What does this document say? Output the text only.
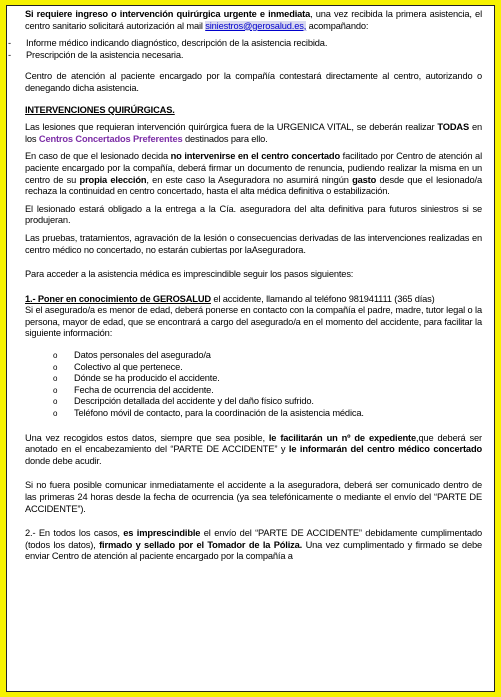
Si requiere ingreso o intervención quirúrgica urgente e inmediata, una vez recibida la primera asistencia, el centro sanitario solicitará autorización al mail siniestros@gerosalud.es, acompañando:

-	Informe médico indicando diagnóstico, descripción de la asistencia recibida.
-	Prescripción de la asistencia necesaria.

Centro de atención al paciente encargado por la compañía contestará directamente al centro, autorizando o denegando dicha asistencia.

INTERVENCIONES QUIRÚRGICAS.

Las lesiones que requieran intervención quirúrgica fuera de la URGENICA VITAL, se deberán realizar TODAS en los Centros Concertados Preferentes destinados para ello.

En caso de que el lesionado decida no intervenirse en el centro concertado facilitado por Centro de atención al paciente encargado por la compañía, deberá firmar un documento de renuncia, pudiendo realizar la misma en un centro de su propia elección, en este caso la Aseguradora no asumirá ningún gasto desde que el lesionado/a rechaza la continuidad en centro concertado, hasta el alta médica definitiva o estabilización.

El lesionado estará obligado a la entrega a la Cía. aseguradora del alta definitiva para futuros siniestros si se produjeran.

Las pruebas, tratamientos, agravación de la lesión o consecuencias derivadas de las intervenciones realizadas en centro médico no concertado, no estarán cubiertas por laAseguradora.

Para acceder a la asistencia médica es imprescindible seguir los pasos siguientes:

1.- Poner en conocimiento de GEROSALUD el accidente, llamando al teléfono 981941111 (365 días)
Si el asegurado/a es menor de edad, deberá ponerse en contacto con la compañía el padre, madre, tutor legal o la persona, mayor de edad, que se encontrará a cargo del asegurado/a en el momento del accidente, para facilitar la siguiente información:

o	Datos personales del asegurado/a
o	Colectivo al que pertenece.
o	Dónde se ha producido el accidente.
o	Fecha de ocurrencia del accidente.
o	Descripción detallada del accidente y del daño físico sufrido.
o	Teléfono móvil de contacto, para la coordinación de la asistencia médica.

Una vez recogidos estos datos, siempre que sea posible, le facilitarán un nº de expediente,que deberá ser anotado en el encabezamiento del “PARTE DE ACCIDENTE” y le informarán del centro médico concertado donde debe acudir.

Si no fuera posible comunicar inmediatamente el accidente a la aseguradora, deberá ser comunicado dentro de las primeras 24 horas desde la fecha de ocurrencia (ya sea telefónicamente o mediante el envío del “PARTE DE ACCIDENTE”).

2.- En todos los casos, es imprescindible el envío del “PARTE DE ACCIDENTE” debidamente cumplimentado (todos los datos), firmado y sellado por el Tomador de la Póliza. Una vez cumplimentado y firmado se debe enviar Centro de atención al paciente encargado por la compañía a
